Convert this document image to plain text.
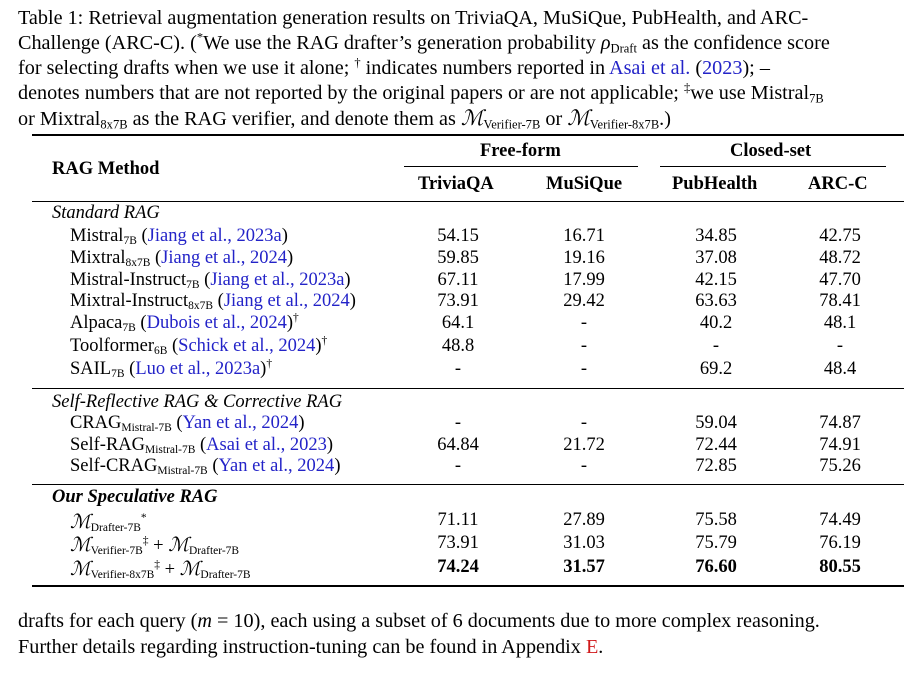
Table 1: Retrieval augmentation generation results on TriviaQA, MuSiQue, PubHealth, and ARC-
Challenge (ARC-C). (*We use the RAG drafter’s generation probability $\rho_{Draft}$ as the confidence score
for selecting drafts when we use it alone; † indicates numbers reported in Asai et al. (2023); –
denotes numbers that are not reported by the original papers or are not applicable; ‡we use Mistral$_{7B}$
or Mixtral$_{8x7B}$ as the RAG verifier, and denote them as ℳ$_{Verifier-7B}$ or ℳ$_{Verifier-8x7B}$.)
RAG Method
Free-form	Closed-set
TriviaQA	MuSiQue	PubHealth	ARC-C
Standard RAG
Mistral$_{7B}$ (Jiang et al., 2023a)	54.15	16.71	34.85	42.75
Mixtral$_{8x7B}$ (Jiang et al., 2024)	59.85	19.16	37.08	48.72
Mistral-Instruct$_{7B}$ (Jiang et al., 2023a)	67.11	17.99	42.15	47.70
Mixtral-Instruct$_{8x7B}$ (Jiang et al., 2024)	73.91	29.42	63.63	78.41
Alpaca$_{7B}$ (Dubois et al., 2024)†	64.1	-	40.2	48.1
Toolformer$_{6B}$ (Schick et al., 2024)†	48.8	-	-	-
$SAIL_{7B}$ (Luo et al., 2023a)†	-	-	69.2	48.4
Self-Reflective RAG & Corrective RAG
$CRAG_{Mistral-7B}$ (Yan et al., 2024)	-	-	59.04	74.87
Self-$RAG_{Mistral-7B}$ (Asai et al., 2023)	64.84	21.72	72.44	74.91
Self-$CRAG_{Mistral-7B}$ (Yan et al., 2024)	-	-	72.85	75.26
Our Speculative RAG
ℳ$_{Drafter-7B}$*	71.11	27.89	75.58	74.49
ℳ$_{Verifier-7B}$‡ + ℳ$_{Drafter-7B}$	73.91	31.03	75.79	76.19
ℳ$_{Verifier-8x7B}$‡ + ℳ$_{Drafter-7B}$	74.24	31.57	76.60	80.55
drafts for each query (m = 10), each using a subset of 6 documents due to more complex reasoning.
Further details regarding instruction-tuning can be found in Appendix E.
